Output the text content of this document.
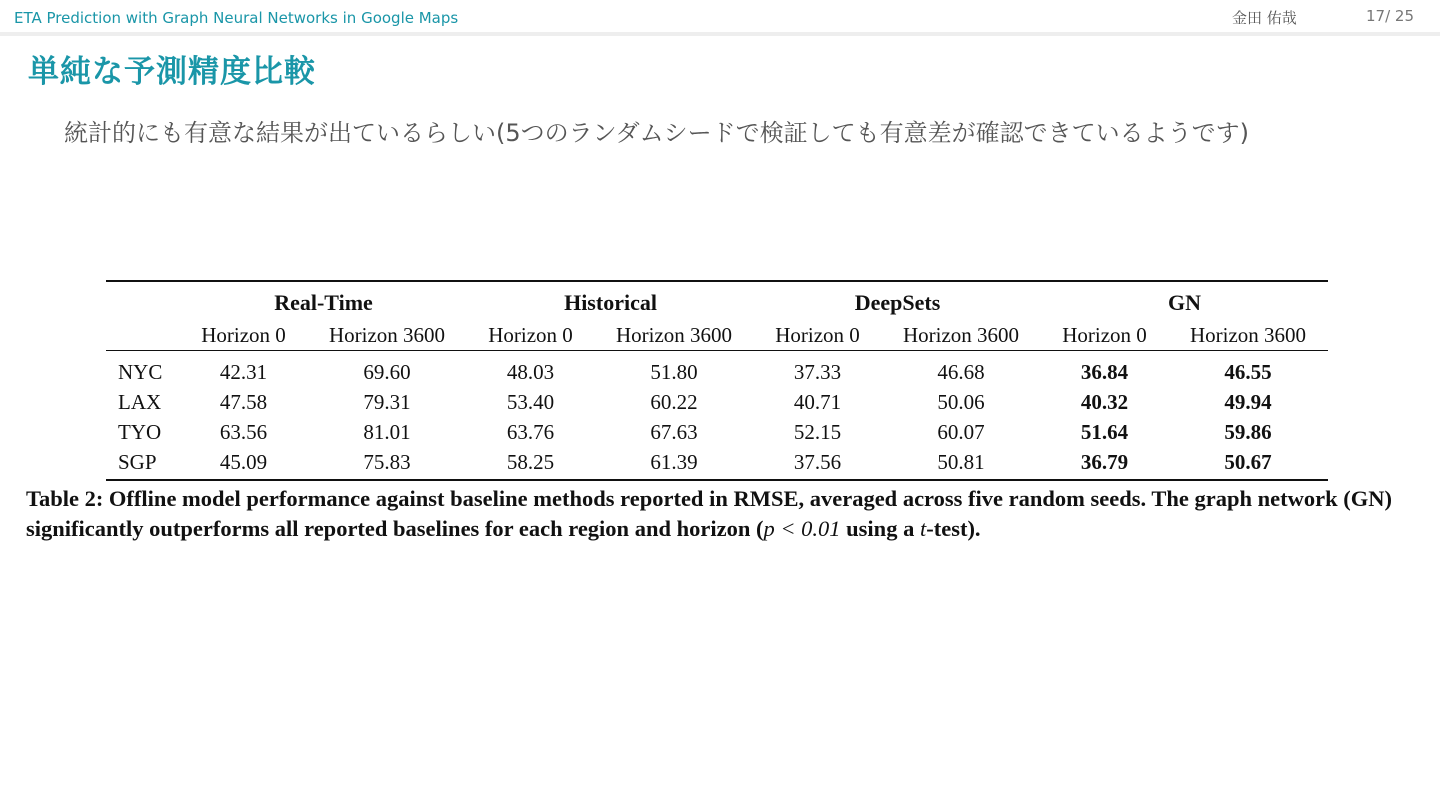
ETA Prediction with Graph Neural Networks in Google Maps	金田 佑哉	17/ 25
単純な予測精度比較
統計的にも有意な結果が出ているらしい(5つのランダムシードで検証しても有意差が確認できているようです)
	Real-Time		Historical		DeepSets		GN	
	Horizon 0	Horizon 3600	Horizon 0	Horizon 3600	Horizon 0	Horizon 3600	Horizon 0	Horizon 3600
NYC	42.31	69.60	48.03	51.80	37.33	46.68	36.84	46.55
LAX	47.58	79.31	53.40	60.22	40.71	50.06	40.32	49.94
TYO	63.56	81.01	63.76	67.63	52.15	60.07	51.64	59.86
SGP	45.09	75.83	58.25	61.39	37.56	50.81	36.79	50.67
Table 2: Offline model performance against baseline methods reported in RMSE, averaged across five random seeds. The graph network (GN) significantly outperforms all reported baselines for each region and horizon (p < 0.01 using a t-test).
